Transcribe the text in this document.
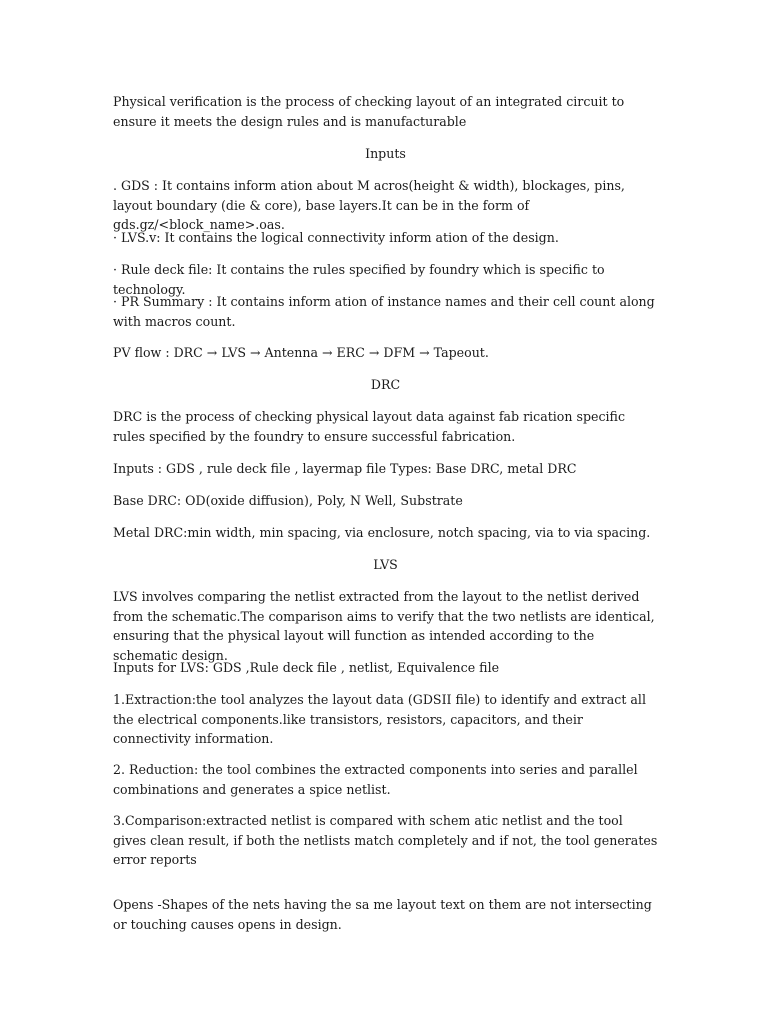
Physical verification is the process of checking layout of an integrated circuit to ensure it meets the design rules and is manufacturable

Inputs

. GDS : It contains inform ation about M acros(height & width), blockages, pins, layout boundary (die & core), base layers.It can be in the form of gds.gz/<block_name>.oas.

· LVS.v: It contains the logical connectivity inform ation of the design.

· Rule deck file: It contains the rules specified by foundry which is specific to technology.

· PR Summary : It contains inform ation of instance names and their cell count along with macros count.

PV flow : DRC → LVS → Antenna → ERC → DFM → Tapeout.

DRC

DRC is the process of checking physical layout data against fab rication specific rules specified by the foundry to ensure successful fabrication.

Inputs : GDS , rule deck file , layermap file Types: Base DRC, metal DRC

Base DRC: OD(oxide diffusion), Poly, N Well, Substrate

Metal DRC:min width, min spacing, via enclosure, notch spacing, via to via spacing.

LVS

LVS involves comparing the netlist extracted from the layout to the netlist derived from the schematic.The comparison aims to verify that the two netlists are identical, ensuring that the physical layout will function as intended according to the schematic design.

Inputs for LVS: GDS ,Rule deck file , netlist, Equivalence file

1.Extraction:the tool analyzes the layout data (GDSII file) to identify and extract all the electrical components.like transistors, resistors, capacitors, and their connectivity information.

2. Reduction: the tool combines the extracted components into series and parallel combinations and generates a spice netlist.

3.Comparison:extracted netlist is compared with schem atic netlist and the tool gives clean result, if both the netlists match completely and if not, the tool generates error reports

Opens -Shapes of the nets having the sa me layout text on them are not intersecting or touching causes opens in design.
